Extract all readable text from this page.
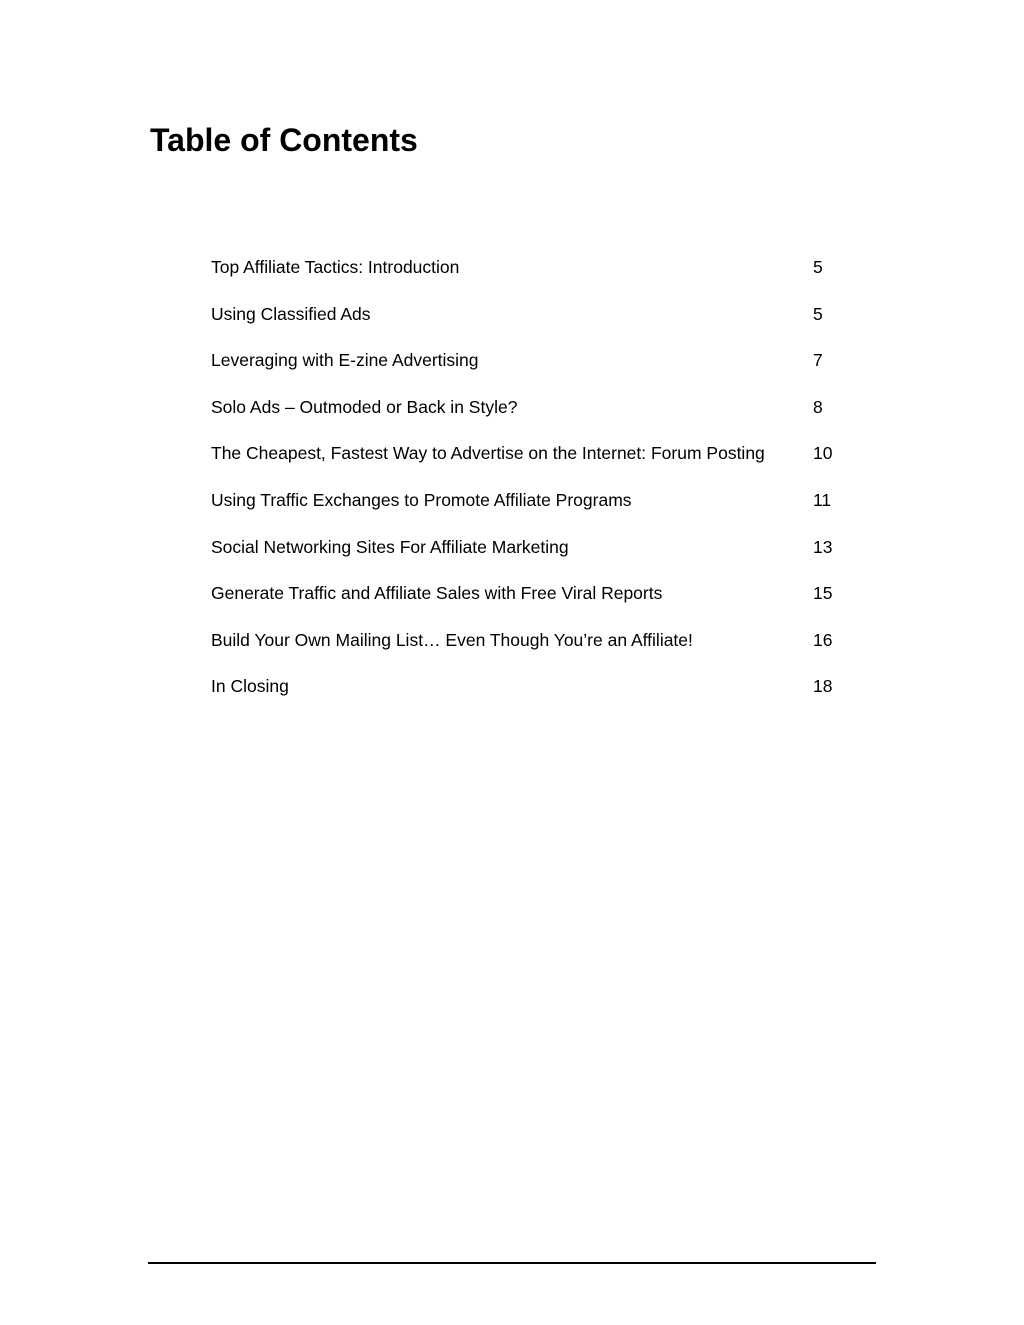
Table of Contents
Top Affiliate Tactics: Introduction	5
Using Classified Ads	5
Leveraging with E-zine Advertising	7
Solo Ads – Outmoded or Back in Style?	8
The Cheapest, Fastest Way to Advertise on the Internet: Forum Posting	10
Using Traffic Exchanges to Promote Affiliate Programs	11
Social Networking Sites For Affiliate Marketing	13
Generate Traffic and Affiliate Sales with Free Viral Reports	15
Build Your Own Mailing List… Even Though You’re an Affiliate!	16
In Closing	18
